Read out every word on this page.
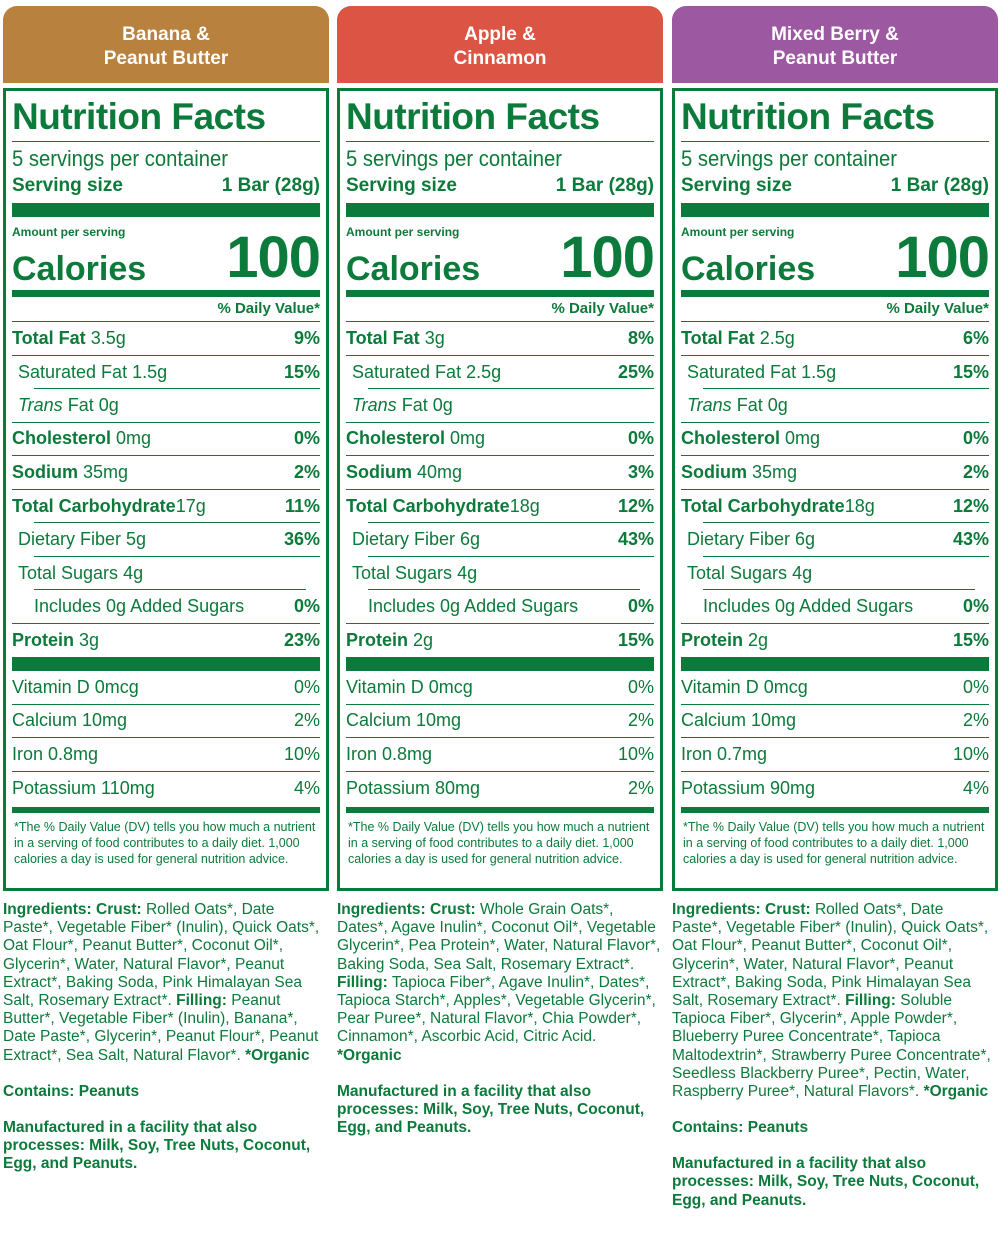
Banana &
Peanut Butter
Nutrition Facts
5 servings per container
Serving size	1 Bar (28g)
Amount per serving
Calories 100
% Daily Value*
Total Fat 3.5g	9%
Saturated Fat 1.5g	15%
Trans Fat 0g
Cholesterol 0mg	0%
Sodium 35mg	2%
Total Carbohydrate17g	11%
Dietary Fiber 5g	36%
Total Sugars 4g
Includes 0g Added Sugars	0%
Protein 3g	23%
Vitamin D 0mcg	0%
Calcium 10mg	2%
Iron 0.8mg	10%
Potassium 110mg	4%
*The % Daily Value (DV) tells you how much a nutrient in a serving of food contributes to a daily diet. 1,000 calories a day is used for general nutrition advice.
Ingredients: Crust: Rolled Oats*, Date Paste*, Vegetable Fiber* (Inulin), Quick Oats*, Oat Flour*, Peanut Butter*, Coconut Oil*, Glycerin*, Water, Natural Flavor*, Peanut Extract*, Baking Soda, Pink Himalayan Sea Salt, Rosemary Extract*. Filling: Peanut Butter*, Vegetable Fiber* (Inulin), Banana*, Date Paste*, Glycerin*, Peanut Flour*, Peanut Extract*, Sea Salt, Natural Flavor*. *Organic
Contains: Peanuts
Manufactured in a facility that also processes: Milk, Soy, Tree Nuts, Coconut, Egg, and Peanuts.
Apple &
Cinnamon
Nutrition Facts
5 servings per container
Serving size	1 Bar (28g)
Amount per serving
Calories 100
% Daily Value*
Total Fat 3g	8%
Saturated Fat 2.5g	25%
Trans Fat 0g
Cholesterol 0mg	0%
Sodium 40mg	3%
Total Carbohydrate18g	12%
Dietary Fiber 6g	43%
Total Sugars 4g
Includes 0g Added Sugars	0%
Protein 2g	15%
Vitamin D 0mcg	0%
Calcium 10mg	2%
Iron 0.8mg	10%
Potassium 80mg	2%
*The % Daily Value (DV) tells you how much a nutrient in a serving of food contributes to a daily diet. 1,000 calories a day is used for general nutrition advice.
Ingredients: Crust: Whole Grain Oats*, Dates*, Agave Inulin*, Coconut Oil*, Vegetable Glycerin*, Pea Protein*, Water, Natural Flavor*, Baking Soda, Sea Salt, Rosemary Extract*. Filling: Tapioca Fiber*, Agave Inulin*, Dates*, Tapioca Starch*, Apples*, Vegetable Glycerin*, Pear Puree*, Natural Flavor*, Chia Powder*, Cinnamon*, Ascorbic Acid, Citric Acid. *Organic
Manufactured in a facility that also processes: Milk, Soy, Tree Nuts, Coconut, Egg, and Peanuts.
Mixed Berry &
Peanut Butter
Nutrition Facts
5 servings per container
Serving size	1 Bar (28g)
Amount per serving
Calories 100
% Daily Value*
Total Fat 2.5g	6%
Saturated Fat 1.5g	15%
Trans Fat 0g
Cholesterol 0mg	0%
Sodium 35mg	2%
Total Carbohydrate18g	12%
Dietary Fiber 6g	43%
Total Sugars 4g
Includes 0g Added Sugars	0%
Protein 2g	15%
Vitamin D 0mcg	0%
Calcium 10mg	2%
Iron 0.7mg	10%
Potassium 90mg	4%
*The % Daily Value (DV) tells you how much a nutrient in a serving of food contributes to a daily diet. 1,000 calories a day is used for general nutrition advice.
Ingredients: Crust: Rolled Oats*, Date Paste*, Vegetable Fiber* (Inulin), Quick Oats*, Oat Flour*, Peanut Butter*, Coconut Oil*, Glycerin*, Water, Natural Flavor*, Peanut Extract*, Baking Soda, Pink Himalayan Sea Salt, Rosemary Extract*. Filling: Soluble Tapioca Fiber*, Glycerin*, Apple Powder*, Blueberry Puree Concentrate*, Tapioca Maltodextrin*, Strawberry Puree Concentrate*, Seedless Blackberry Puree*, Pectin, Water, Raspberry Puree*, Natural Flavors*. *Organic
Contains: Peanuts
Manufactured in a facility that also processes: Milk, Soy, Tree Nuts, Coconut, Egg, and Peanuts.
